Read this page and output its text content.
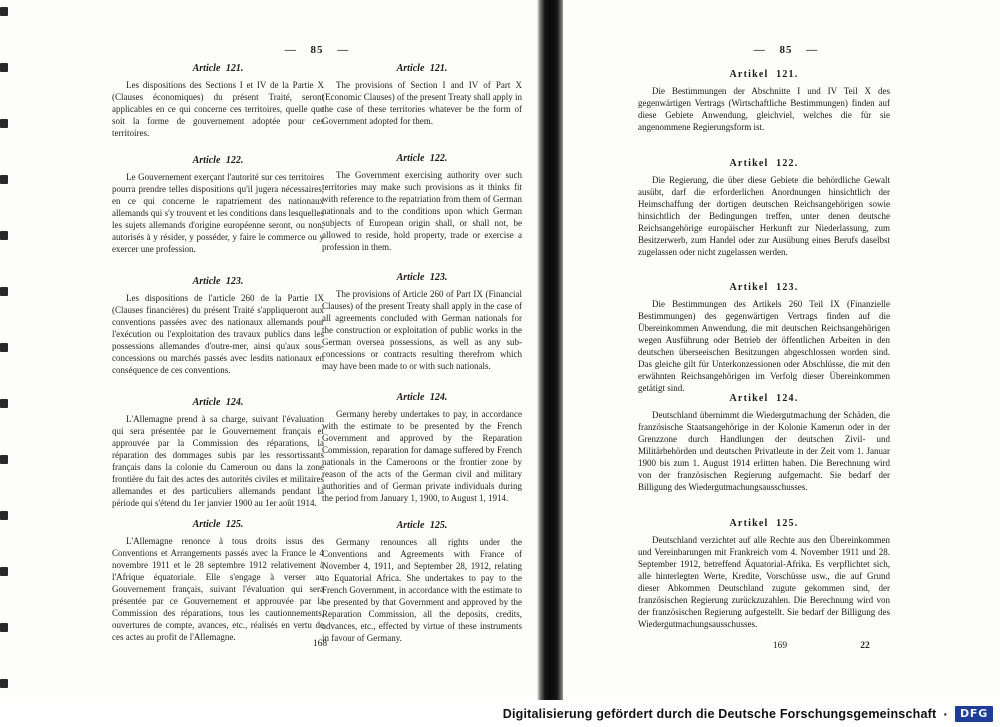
— 85 —
Article 121.

Les dispositions des Sections I et IV de la Partie X (Clauses économiques) du présent Traité, seront applicables en ce qui concerne ces territoires, quelle que soit la forme de gouvernement adoptée pour ces territoires.

Article 122.

Le Gouvernement exerçant l'autorité sur ces territoires pourra prendre telles dispositions qu'il jugera nécessaires, en ce qui concerne le rapatriement des nationaux allemands qui s'y trouvent et les conditions dans lesquelles les sujets allemands d'origine européenne seront, ou non, autorisés à y résider, y posséder, y faire le commerce ou y exercer une profession.

Article 123.

Les dispositions de l'article 260 de la Partie IX (Clauses financières) du présent Traité s'appliqueront aux conventions passées avec des nationaux allemands pour l'exécution ou l'exploitation des travaux publics dans les possessions allemandes d'outre-mer, ainsi qu'aux sous-concessions ou marchés passés avec lesdits nationaux en conséquence de ces conventions.

Article 124.

L'Allemagne prend à sa charge, suivant l'évaluation qui sera présentée par le Gouvernement français et approuvée par la Commission des réparations, la réparation des dommages subis par les ressortissants français dans la colonie du Cameroun ou dans la zone frontière du fait des actes des autorités civiles et militaires allemandes et des particuliers allemands pendant la période qui s'étend du 1er janvier 1900 au 1er août 1914.

Article 125.

L'Allemagne renonce à tous droits issus des Conventions et Arrangements passés avec la France le 4 novembre 1911 et le 28 septembre 1912 relativement à l'Afrique équatoriale. Elle s'engage à verser au Gouvernement français, suivant l'évaluation qui sera présentée par ce Gouvernement et approuvée par la Commission des réparations, tous les cautionnements, ouvertures de compte, avances, etc., réalisés en vertu de ces actes au profit de l'Allemagne.

Article 121.

The provisions of Section I and IV of Part X (Economic Clauses) of the present Treaty shall apply in the case of these territories whatever be the form of Government adopted for them.

Article 122.

The Government exercising authority over such territories may make such provisions as it thinks fit with reference to the repatriation from them of German nationals and to the conditions upon which German subjects of European origin shall, or shall not, be allowed to reside, hold property, trade or exercise a profession in them.

Article 123.

The provisions of Article 260 of Part IX (Financial Clauses) of the present Treaty shall apply in the case of all agreements concluded with German nationals for the construction or exploitation of public works in the German oversea possessions, as well as any sub-concessions or contracts resulting therefrom which may have been made to or with such nationals.

Article 124.

Germany hereby undertakes to pay, in accordance with the estimate to be presented by the French Government and approved by the Reparation Commission, reparation for damage suffered by French nationals in the Cameroons or the frontier zone by reason of the acts of the German civil and military authorities and of German private individuals during the period from January 1, 1900, to August 1, 1914.

Article 125.

Germany renounces all rights under the Conventions and Agreements with France of November 4, 1911, and September 28, 1912, relating to Equatorial Africa. She undertakes to pay to the French Government, in accordance with the estimate to be presented by that Government and approved by the Reparation Commission, all the deposits, credits, advances, etc., effected by virtue of these instruments in favour of Germany.

168
— 85 —
Artikel 121.

Die Bestimmungen der Abschnitte I und IV Teil X des gegenwärtigen Vertrags (Wirtschaftliche Bestimmungen) finden auf diese Gebiete Anwendung, gleichviel, welches die für sie angenommene Regierungsform ist.

Artikel 122.

Die Regierung, die über diese Gebiete die behördliche Gewalt ausübt, darf die erforderlichen Anordnungen hinsichtlich der Heimschaffung der dortigen deutschen Reichsangehörigen sowie hinsichtlich der Bedingungen treffen, unter denen deutsche Reichsangehörige europäischer Herkunft zur Niederlassung, zum Besitzerwerb, zum Handel oder zur Ausübung eines Berufs daselbst zugelassen oder nicht zugelassen werden.

Artikel 123.

Die Bestimmungen des Artikels 260 Teil IX (Finanzielle Bestimmungen) des gegenwärtigen Vertrags finden auf die Übereinkommen Anwendung, die mit deutschen Reichsangehörigen wegen Ausführung oder Betrieb der öffentlichen Arbeiten in den deutschen überseeischen Besitzungen abgeschlossen worden sind. Das gleiche gilt für Unterkonzessionen oder Abschlüsse, die mit den erwähnten Reichsangehörigen im Verfolg dieser Übereinkommen getätigt sind.

Artikel 124.

Deutschland übernimmt die Wiedergutmachung der Schäden, die französische Staatsangehörige in der Kolonie Kamerun oder in der Grenzzone durch Handlungen der deutschen Zivil- und Militärbehörden und deutschen Privatleute in der Zeit vom 1. Januar 1900 bis zum 1. August 1914 erlitten haben. Die Berechnung wird von der französischen Regierung aufgemacht. Sie bedarf der Billigung des Wiedergutmachungsausschusses.

Artikel 125.

Deutschland verzichtet auf alle Rechte aus den Übereinkommen und Vereinbarungen mit Frankreich vom 4. November 1911 und 28. September 1912, betreffend Äquatorial-Afrika. Es verpflichtet sich, alle hinterlegten Werte, Kredite, Vorschüsse usw., die auf Grund dieser Abkommen Deutschland zugute gekommen sind, der französischen Regierung zurückzuzahlen. Die Berechnung wird von der französischen Regierung aufgestellt. Sie bedarf der Billigung des Wiedergutmachungsausschusses.

169	22
Digitalisierung gefördert durch die Deutsche Forschungsgemeinschaft ·	DFG
